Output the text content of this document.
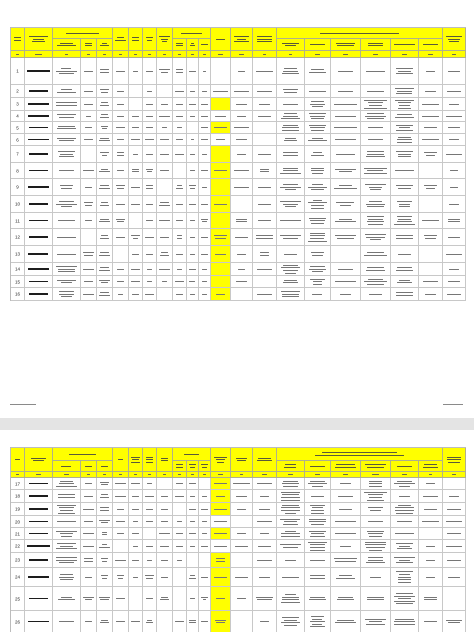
1
2
3
4
5
6
7
8
9
10
11
12
13
14
15
16
17
18
19
20
21
22
23
24
25
26
